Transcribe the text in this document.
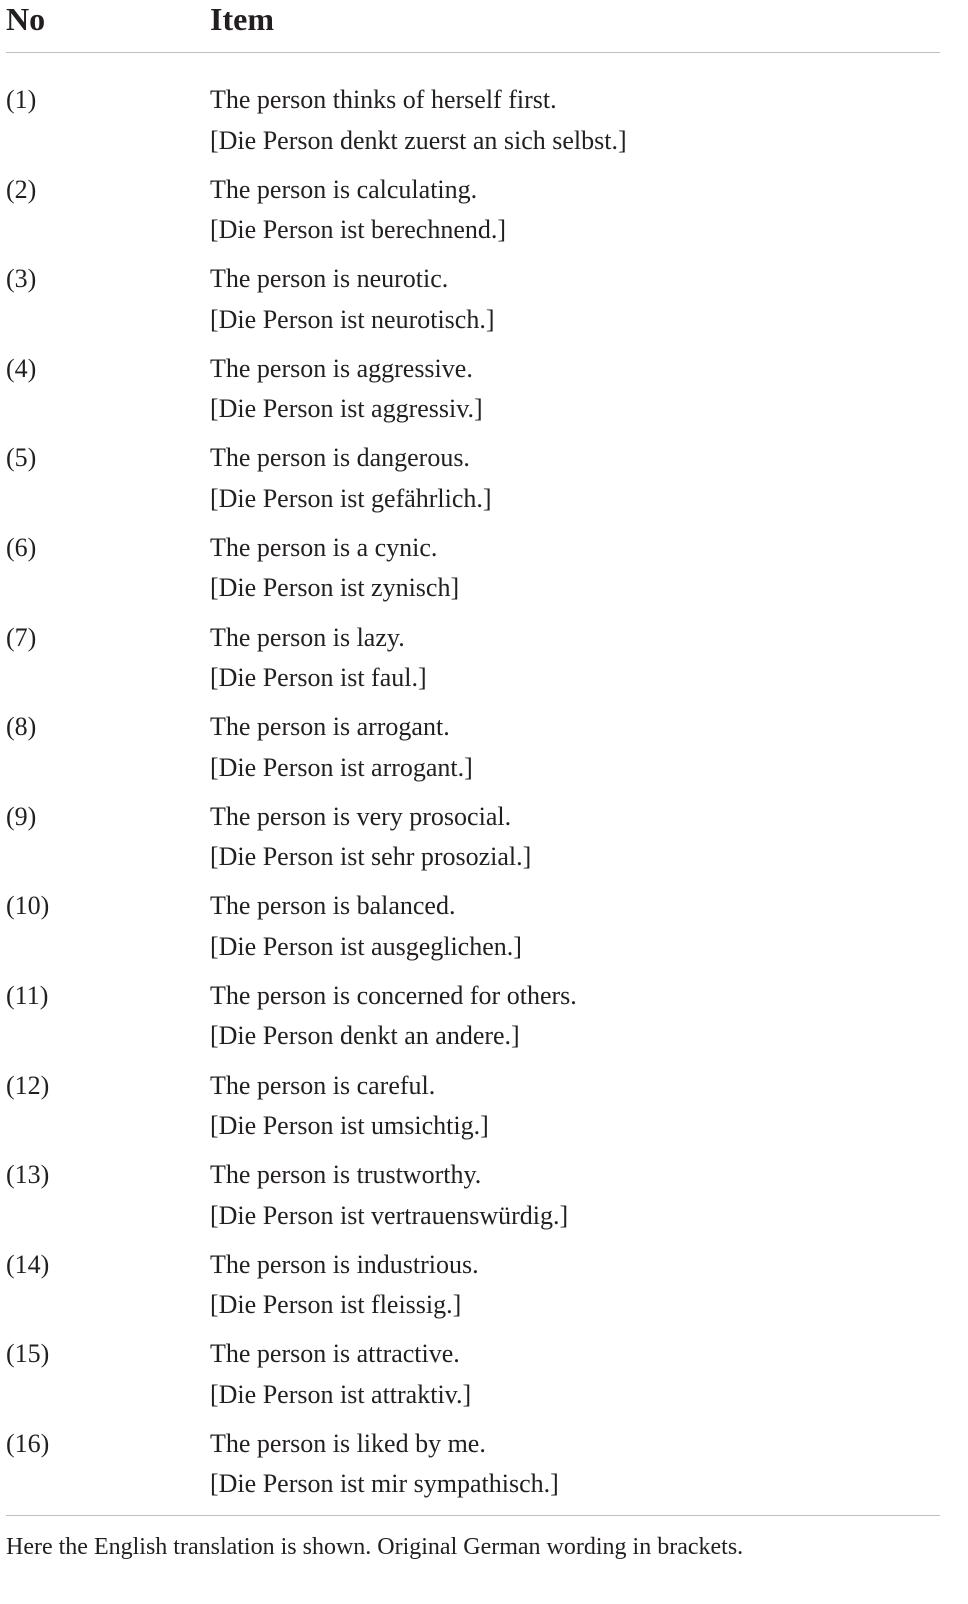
No	Item
(1)	The person thinks of herself first.
[Die Person denkt zuerst an sich selbst.]
(2)	The person is calculating.
[Die Person ist berechnend.]
(3)	The person is neurotic.
[Die Person ist neurotisch.]
(4)	The person is aggressive.
[Die Person ist aggressiv.]
(5)	The person is dangerous.
[Die Person ist gefährlich.]
(6)	The person is a cynic.
[Die Person ist zynisch]
(7)	The person is lazy.
[Die Person ist faul.]
(8)	The person is arrogant.
[Die Person ist arrogant.]
(9)	The person is very prosocial.
[Die Person ist sehr prosozial.]
(10)	The person is balanced.
[Die Person ist ausgeglichen.]
(11)	The person is concerned for others.
[Die Person denkt an andere.]
(12)	The person is careful.
[Die Person ist umsichtig.]
(13)	The person is trustworthy.
[Die Person ist vertrauenswürdig.]
(14)	The person is industrious.
[Die Person ist fleissig.]
(15)	The person is attractive.
[Die Person ist attraktiv.]
(16)	The person is liked by me.
[Die Person ist mir sympathisch.]
Here the English translation is shown. Original German wording in brackets.
